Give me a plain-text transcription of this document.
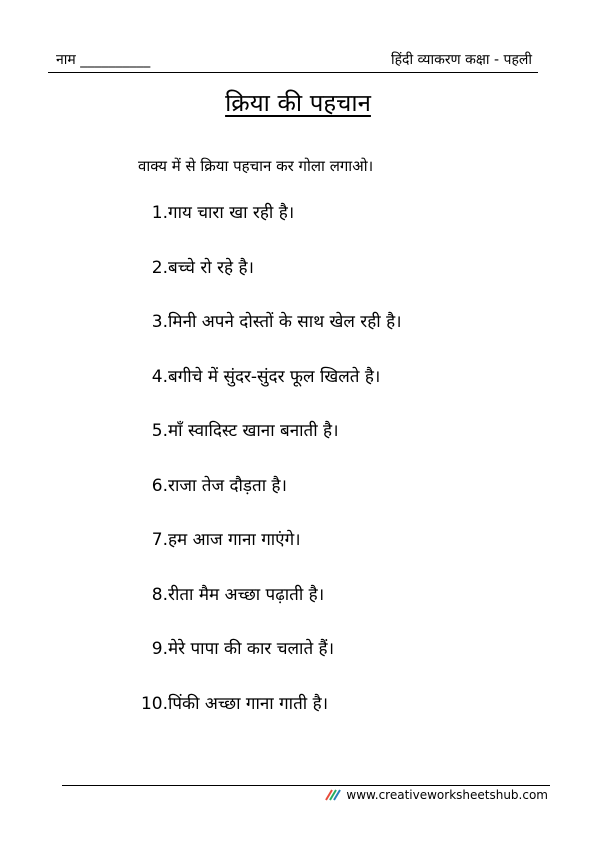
नाम __________	हिंदी व्याकरण कक्षा - पहली
क्रिया की पहचान
वाक्य में से क्रिया पहचान कर गोला लगाओ।
1.गाय चारा खा रही है।
2.बच्चे रो रहे है।
3.मिनी अपने दोस्तों के साथ खेल रही है।
4.बगीचे में सुंदर-सुंदर फूल खिलते है।
5.माँ स्वादिस्ट खाना बनाती है।
6.राजा तेज दौड़ता है।
7.हम आज गाना गाएंगे।
8.रीता मैम अच्छा पढ़ाती है।
9.मेरे पापा की कार चलाते हैं।
10.पिंकी अच्छा गाना गाती है।
www.creativeworksheetshub.com
